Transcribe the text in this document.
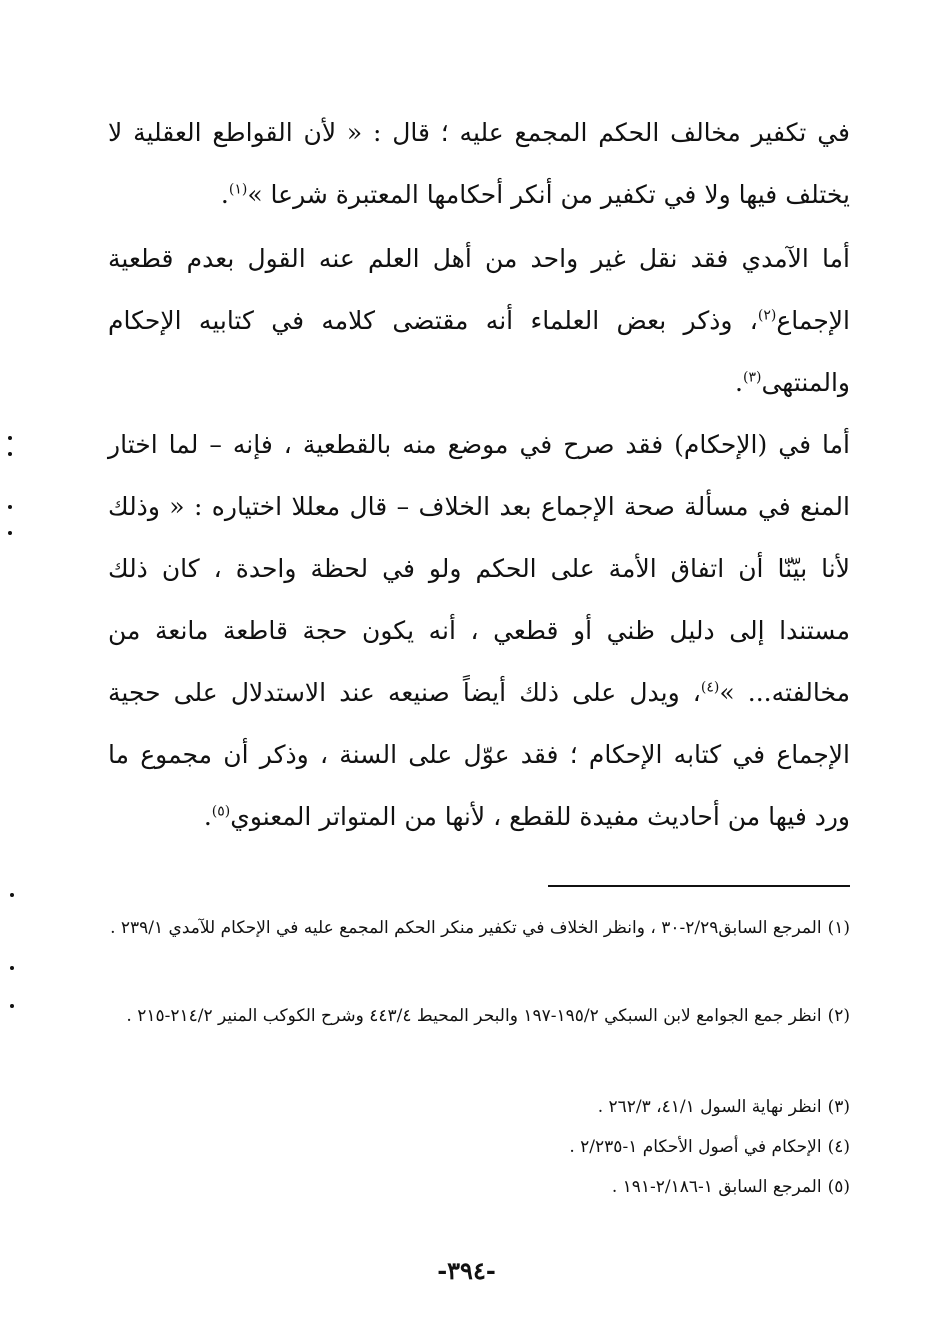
في تكفير مخالف الحكم المجمع عليه ؛ قال : « لأن القواطع العقلية لا يختلف فيها ولا في تكفير من أنكر أحكامها المعتبرة شرعا »$^{(١)}$.

أما الآمدي فقد نقل غير واحد من أهل العلم عنه القول بعدم قطعية الإجماع$^{(٢)}$، وذكر بعض العلماء أنه مقتضى كلامه في كتابيه الإحكام والمنتهى$^{(٣)}$.

أما في (الإحكام) فقد صرح في موضع منه بالقطعية ، فإنه – لما اختار المنع في مسألة صحة الإجماع بعد الخلاف – قال معللا اختياره : « وذلك لأنا بيّنّا أن اتفاق الأمة على الحكم ولو في لحظة واحدة ، كان ذلك مستندا إلى دليل ظني أو قطعي ، أنه يكون حجة قاطعة مانعة من مخالفته... »$^{(٤)}$، ويدل على ذلك أيضاً صنيعه عند الاستدلال على حجية الإجماع في كتابه الإحكام ؛ فقد عوّل على السنة ، وذكر أن مجموع ما ورد فيها من أحاديث مفيدة للقطع ، لأنها من المتواتر المعنوي$^{(٥)}$.

(١)المرجع السابق٢/٢٩-٣٠ ، وانظر الخلاف في تكفير منكر الحكم المجمع عليه في الإحكام للآمدي ٢٣٩/١ .

(٢)انظر جمع الجوامع لابن السبكي ١٩٥/٢-١٩٧ والبحر المحيط ٤٤٣/٤ وشرح الكوكب المنير ٢١٤/٢-٢١٥ .

(٣)انظر نهاية السول ٤١/١، ٢٦٢/٣ .

(٤)الإحكام في أصول الأحكام ١-٢/٢٣٥ .

(٥)المرجع السابق ١-٢/١٨٦-١٩١ .

-٣٩٤-
